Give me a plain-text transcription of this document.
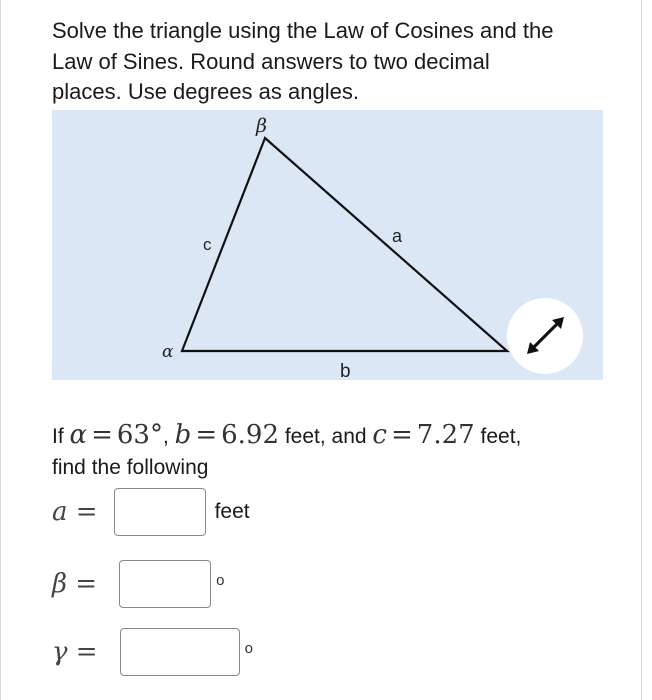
Solve the triangle using the Law of Cosines and the
Law of Sines. Round answers to two decimal
places. Use degrees as angles.

β
α
c	a
b
If α = 63°, b = 6.92 feet, and c = 7.27 feet,
find the following
a =	feet
β =	o
γ =	o
